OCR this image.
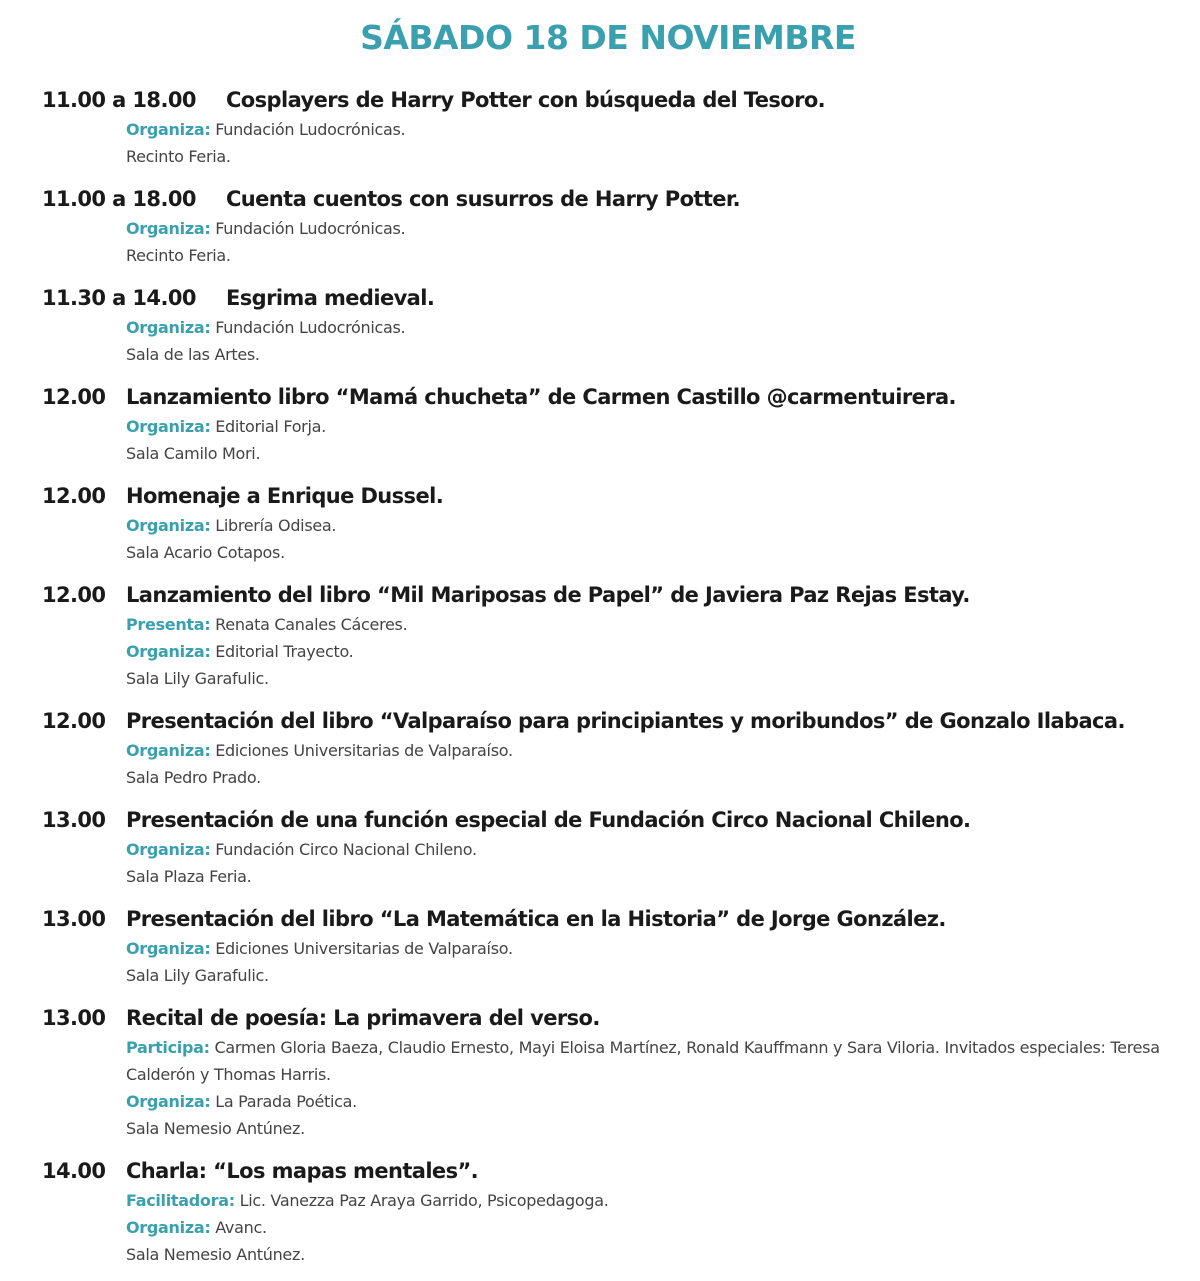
SÁBADO 18 DE NOVIEMBRE
11.00 a 18.00	Cosplayers de Harry Potter con búsqueda del Tesoro.
Organiza: Fundación Ludocrónicas.
Recinto Feria.
11.00 a 18.00	Cuenta cuentos con susurros de Harry Potter.
Organiza: Fundación Ludocrónicas.
Recinto Feria.
11.30 a 14.00	Esgrima medieval.
Organiza: Fundación Ludocrónicas.
Sala de las Artes.
12.00 Lanzamiento libro “Mamá chucheta” de Carmen Castillo @carmentuirera.
Organiza: Editorial Forja.
Sala Camilo Mori.
12.00 Homenaje a Enrique Dussel.
Organiza: Librería Odisea.
Sala Acario Cotapos.
12.00 Lanzamiento del libro “Mil Mariposas de Papel” de Javiera Paz Rejas Estay.
Presenta: Renata Canales Cáceres.
Organiza: Editorial Trayecto.
Sala Lily Garafulic.
12.00 Presentación del libro “Valparaíso para principiantes y moribundos” de Gonzalo Ilabaca.
Organiza: Ediciones Universitarias de Valparaíso.
Sala Pedro Prado.
13.00 Presentación de una función especial de Fundación Circo Nacional Chileno.
Organiza: Fundación Circo Nacional Chileno.
Sala Plaza Feria.
13.00 Presentación del libro “La Matemática en la Historia” de Jorge González.
Organiza: Ediciones Universitarias de Valparaíso.
Sala Lily Garafulic.
13.00 Recital de poesía: La primavera del verso.
Participa: Carmen Gloria Baeza, Claudio Ernesto, Mayi Eloisa Martínez, Ronald Kauffmann y Sara Viloria. Invitados especiales: Teresa Calderón y Thomas Harris.
Organiza: La Parada Poética.
Sala Nemesio Antúnez.
14.00 Charla: “Los mapas mentales”.
Facilitadora: Lic. Vanezza Paz Araya Garrido, Psicopedagoga.
Organiza: Avanc.
Sala Nemesio Antúnez.
